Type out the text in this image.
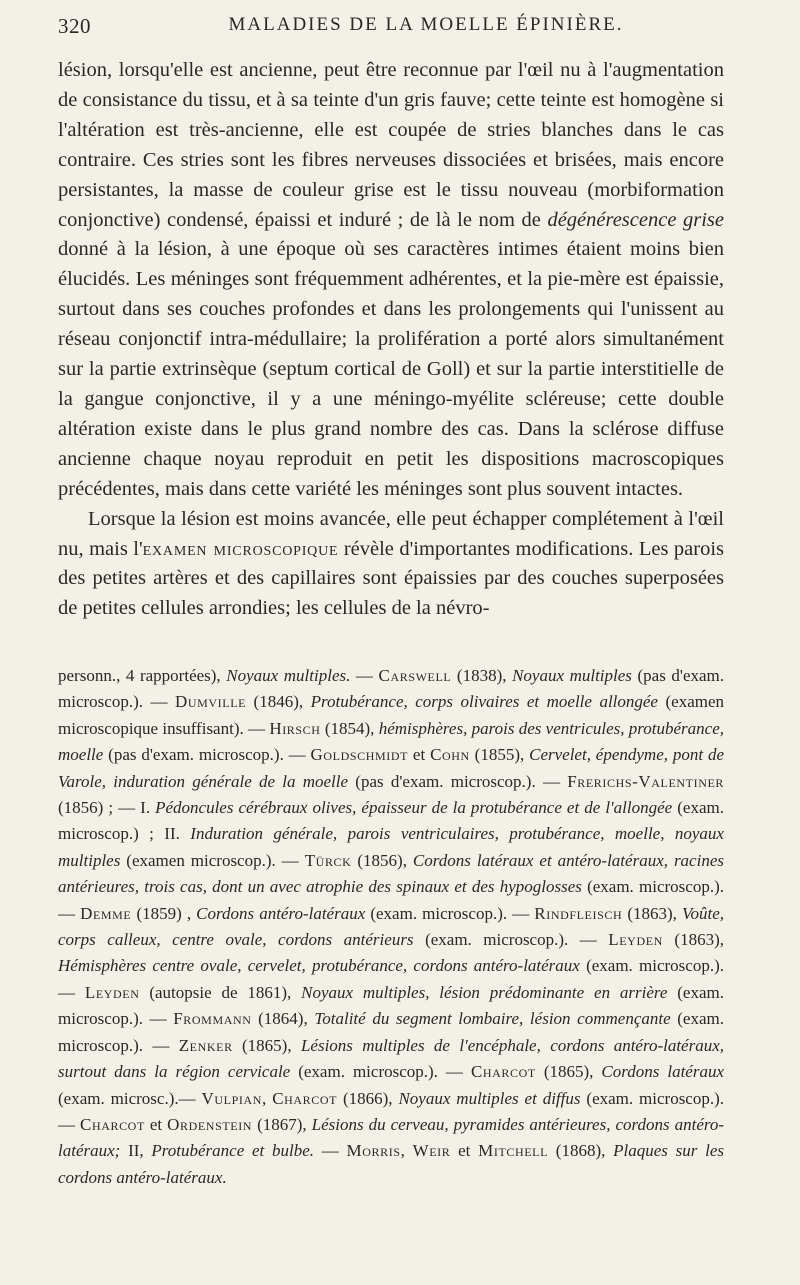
320	MALADIES DE LA MOELLE ÉPINIÈRE.

lésion, lorsqu'elle est ancienne, peut être reconnue par l'œil nu à l'augmentation de consistance du tissu, et à sa teinte d'un gris fauve; cette teinte est homogène si l'altération est très-ancienne, elle est coupée de stries blanches dans le cas contraire. Ces stries sont les fibres nerveuses dissociées et brisées, mais encore persistantes, la masse de couleur grise est le tissu nouveau (morbiformation conjonctive) condensé, épaissi et induré ; de là le nom de dégénérescence grise donné à la lésion, à une époque où ses caractères intimes étaient moins bien élucidés. Les méninges sont fréquemment adhérentes, et la pie-mère est épaissie, surtout dans ses couches profondes et dans les prolongements qui l'unissent au réseau conjonctif intra-médullaire; la prolifération a porté alors simultanément sur la partie extrinsèque (septum cortical de Goll) et sur la partie interstitielle de la gangue conjonctive, il y a une méningo-myélite scléreuse; cette double altération existe dans le plus grand nombre des cas. Dans la sclérose diffuse ancienne chaque noyau reproduit en petit les dispositions macroscopiques précédentes, mais dans cette variété les méninges sont plus souvent intactes.

Lorsque la lésion est moins avancée, elle peut échapper complétement à l'œil nu, mais l'examen microscopique révèle d'importantes modifications. Les parois des petites artères et des capillaires sont épaissies par des couches superposées de petites cellules arrondies; les cellules de la névro-

personn., 4 rapportées), Noyaux multiples. — Carswell (1838), Noyaux multiples (pas d'exam. microscop.). — Dumville (1846), Protubérance, corps olivaires et moelle allongée (examen microscopique insuffisant). — Hirsch (1854), hémisphères, parois des ventricules, protubérance, moelle (pas d'exam. microscop.). — Goldschmidt et Cohn (1855), Cervelet, épendyme, pont de Varole, induration générale de la moelle (pas d'exam. microscop.). — Frerichs-Valentiner (1856) ; — I. Pédoncules cérébraux olives, épaisseur de la protubérance et de l'allongée (exam. microscop.) ; II. Induration générale, parois ventriculaires, protubérance, moelle, noyaux multiples (examen microscop.). — Türck (1856), Cordons latéraux et antéro-latéraux, racines antérieures, trois cas, dont un avec atrophie des spinaux et des hypoglosses (exam. microscop.). — Demme (1859) , Cordons antéro-latéraux (exam. microscop.). — Rindfleisch (1863), Voûte, corps calleux, centre ovale, cordons antérieurs (exam. microscop.). — Leyden (1863), Hémisphères centre ovale, cervelet, protubérance, cordons antéro-latéraux (exam. microscop.). — Leyden (autopsie de 1861), Noyaux multiples, lésion prédominante en arrière (exam. microscop.). — Frommann (1864), Totalité du segment lombaire, lésion commençante (exam. microscop.). — Zenker (1865), Lésions multiples de l'encéphale, cordons antéro-latéraux, surtout dans la région cervicale (exam. microscop.). — Charcot (1865), Cordons latéraux (exam. microsc.).— Vulpian, Charcot (1866), Noyaux multiples et diffus (exam. microscop.). — Charcot et Ordenstein (1867), Lésions du cerveau, pyramides antérieures, cordons antéro-latéraux; II, Protubérance et bulbe. — Morris, Weir et Mitchell (1868), Plaques sur les cordons antéro-latéraux.
